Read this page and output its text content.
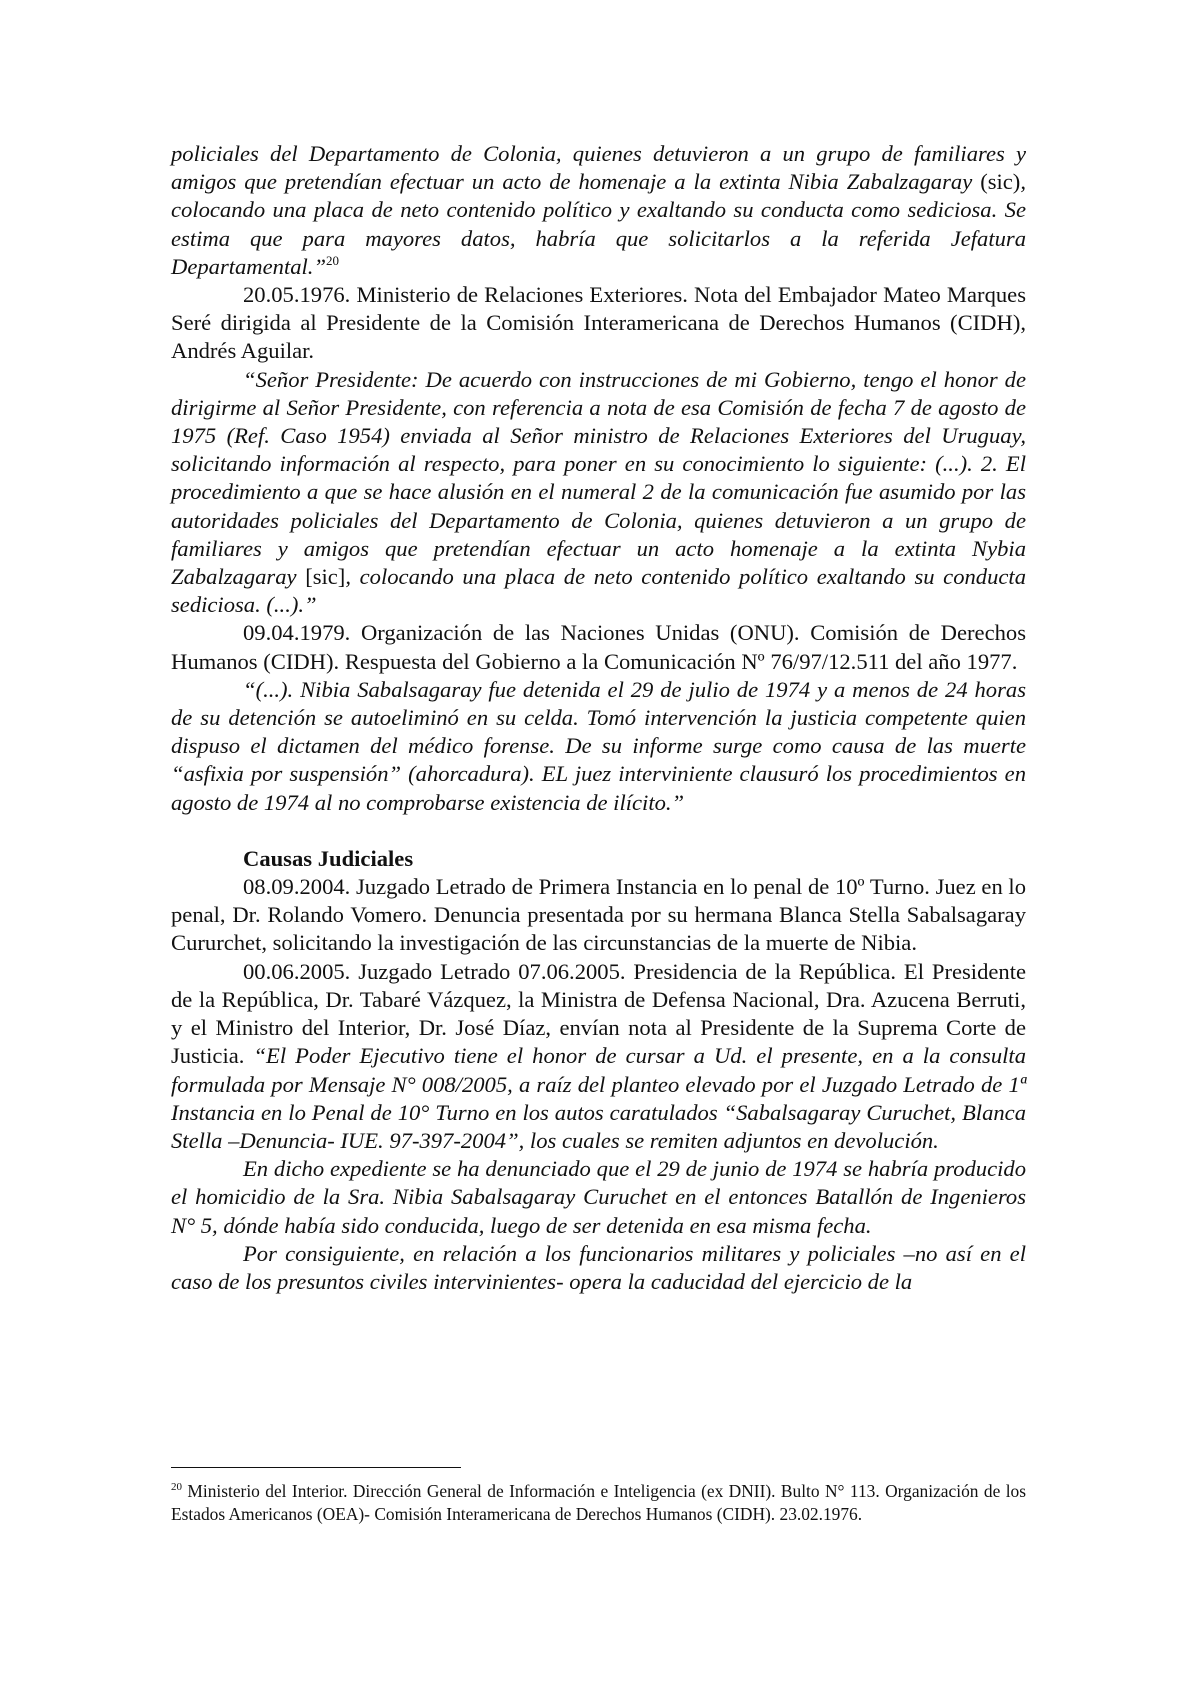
policiales del Departamento de Colonia, quienes detuvieron a un grupo de familiares y amigos que pretendían efectuar un acto de homenaje a la extinta Nibia Zabalzagaray (sic), colocando una placa de neto contenido político y exaltando su conducta como sediciosa. Se estima que para mayores datos, habría que solicitarlos a la referida Jefatura Departamental.”$^{20}$

20.05.1976. Ministerio de Relaciones Exteriores. Nota del Embajador Mateo Marques Seré dirigida al Presidente de la Comisión Interamericana de Derechos Humanos (CIDH), Andrés Aguilar.

“Señor Presidente: De acuerdo con instrucciones de mi Gobierno, tengo el honor de dirigirme al Señor Presidente, con referencia a nota de esa Comisión de fecha 7 de agosto de 1975 (Ref. Caso 1954) enviada al Señor ministro de Relaciones Exteriores del Uruguay, solicitando información al respecto, para poner en su conocimiento lo siguiente: (...). 2. El procedimiento a que se hace alusión en el numeral 2 de la comunicación fue asumido por las autoridades policiales del Departamento de Colonia, quienes detuvieron a un grupo de familiares y amigos que pretendían efectuar un acto homenaje a la extinta Nybia Zabalzagaray [sic], colocando una placa de neto contenido político exaltando su conducta sediciosa. (...).”

09.04.1979. Organización de las Naciones Unidas (ONU). Comisión de Derechos Humanos (CIDH). Respuesta del Gobierno a la Comunicación Nº 76/97/12.511 del año 1977.

“(...). Nibia Sabalsagaray fue detenida el 29 de julio de 1974 y a menos de 24 horas de su detención se autoeliminó en su celda. Tomó intervención la justicia competente quien dispuso el dictamen del médico forense. De su informe surge como causa de las muerte “asfixia por suspensión” (ahorcadura). EL juez interviniente clausuró los procedimientos en agosto de 1974 al no comprobarse existencia de ilícito.”

Causas Judiciales

08.09.2004. Juzgado Letrado de Primera Instancia en lo penal de 10º Turno. Juez en lo penal, Dr. Rolando Vomero. Denuncia presentada por su hermana Blanca Stella Sabalsagaray Cururchet, solicitando la investigación de las circunstancias de la muerte de Nibia.

00.06.2005. Juzgado Letrado 07.06.2005. Presidencia de la República. El Presidente de la República, Dr. Tabaré Vázquez, la Ministra de Defensa Nacional, Dra. Azucena Berruti, y el Ministro del Interior, Dr. José Díaz, envían nota al Presidente de la Suprema Corte de Justicia. “El Poder Ejecutivo tiene el honor de cursar a Ud. el presente, en a la consulta formulada por Mensaje N° 008/2005, a raíz del planteo elevado por el Juzgado Letrado de 1ª Instancia en lo Penal de 10° Turno en los autos caratulados “Sabalsagaray Curuchet, Blanca Stella –Denuncia- IUE. 97-397-2004”, los cuales se remiten adjuntos en devolución.

En dicho expediente se ha denunciado que el 29 de junio de 1974 se habría producido el homicidio de la Sra. Nibia Sabalsagaray Curuchet en el entonces Batallón de Ingenieros N° 5, dónde había sido conducida, luego de ser detenida en esa misma fecha.

Por consiguiente, en relación a los funcionarios militares y policiales –no así en el caso de los presuntos civiles intervinientes- opera la caducidad del ejercicio de la

$^{20}$ Ministerio del Interior. Dirección General de Información e Inteligencia (ex DNII). Bulto N° 113. Organización de los Estados Americanos (OEA)- Comisión Interamericana de Derechos Humanos (CIDH). 23.02.1976.
